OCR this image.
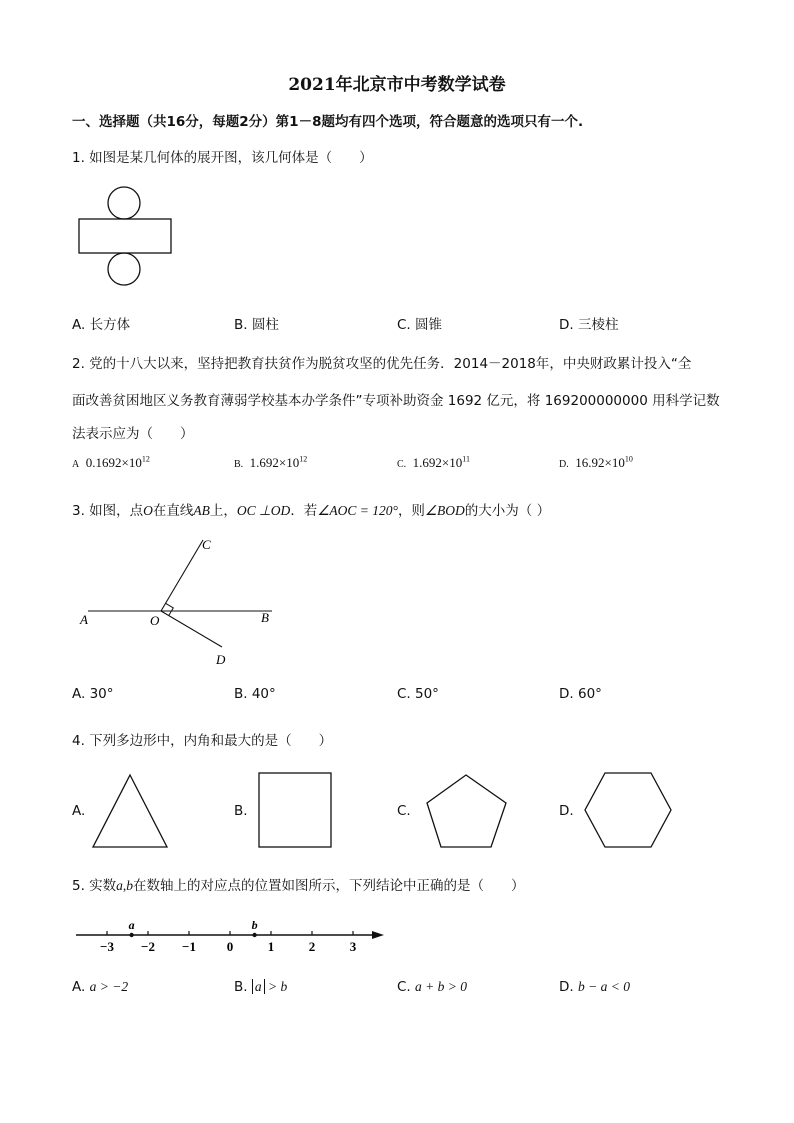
2021年北京市中考数学试卷
一、选择题（共16分，每题2分）第1－8题均有四个选项，符合题意的选项只有一个.
1. 如图是某几何体的展开图，该几何体是（　　）
A. 长方体	B. 圆柱	C. 圆锥	D. 三棱柱
2. 党的十八大以来，坚持把教育扶贫作为脱贫攻坚的优先任务．2014－2018年，中央财政累计投入“全
面改善贫困地区义务教育薄弱学校基本办学条件”专项补助资金 1692 亿元，将 169200000000 用科学记数
法表示应为（　　）
A $0.1692\times 10^{12}$	B. $1.692\times 10^{12}$	C. $1.692\times 10^{11}$	D. $16.92\times 10^{10}$
3. 如图，点O在直线AB上，OC ⊥OD．若∠AOC = 120°，则∠BOD的大小为（ ）
A	B
C
D
O
A. 30°	B. 40°	C. 50°	D. 60°
4. 下列多边形中，内角和最大的是（　　）
A.	B.	C.	D.
5. 实数a,b在数轴上的对应点的位置如图所示，下列结论中正确的是（　　）
−3 −2 −1 0	1	2	3
a	b
A. a > −2	B. a > b	C. a + b > 0	D. b − a < 0
